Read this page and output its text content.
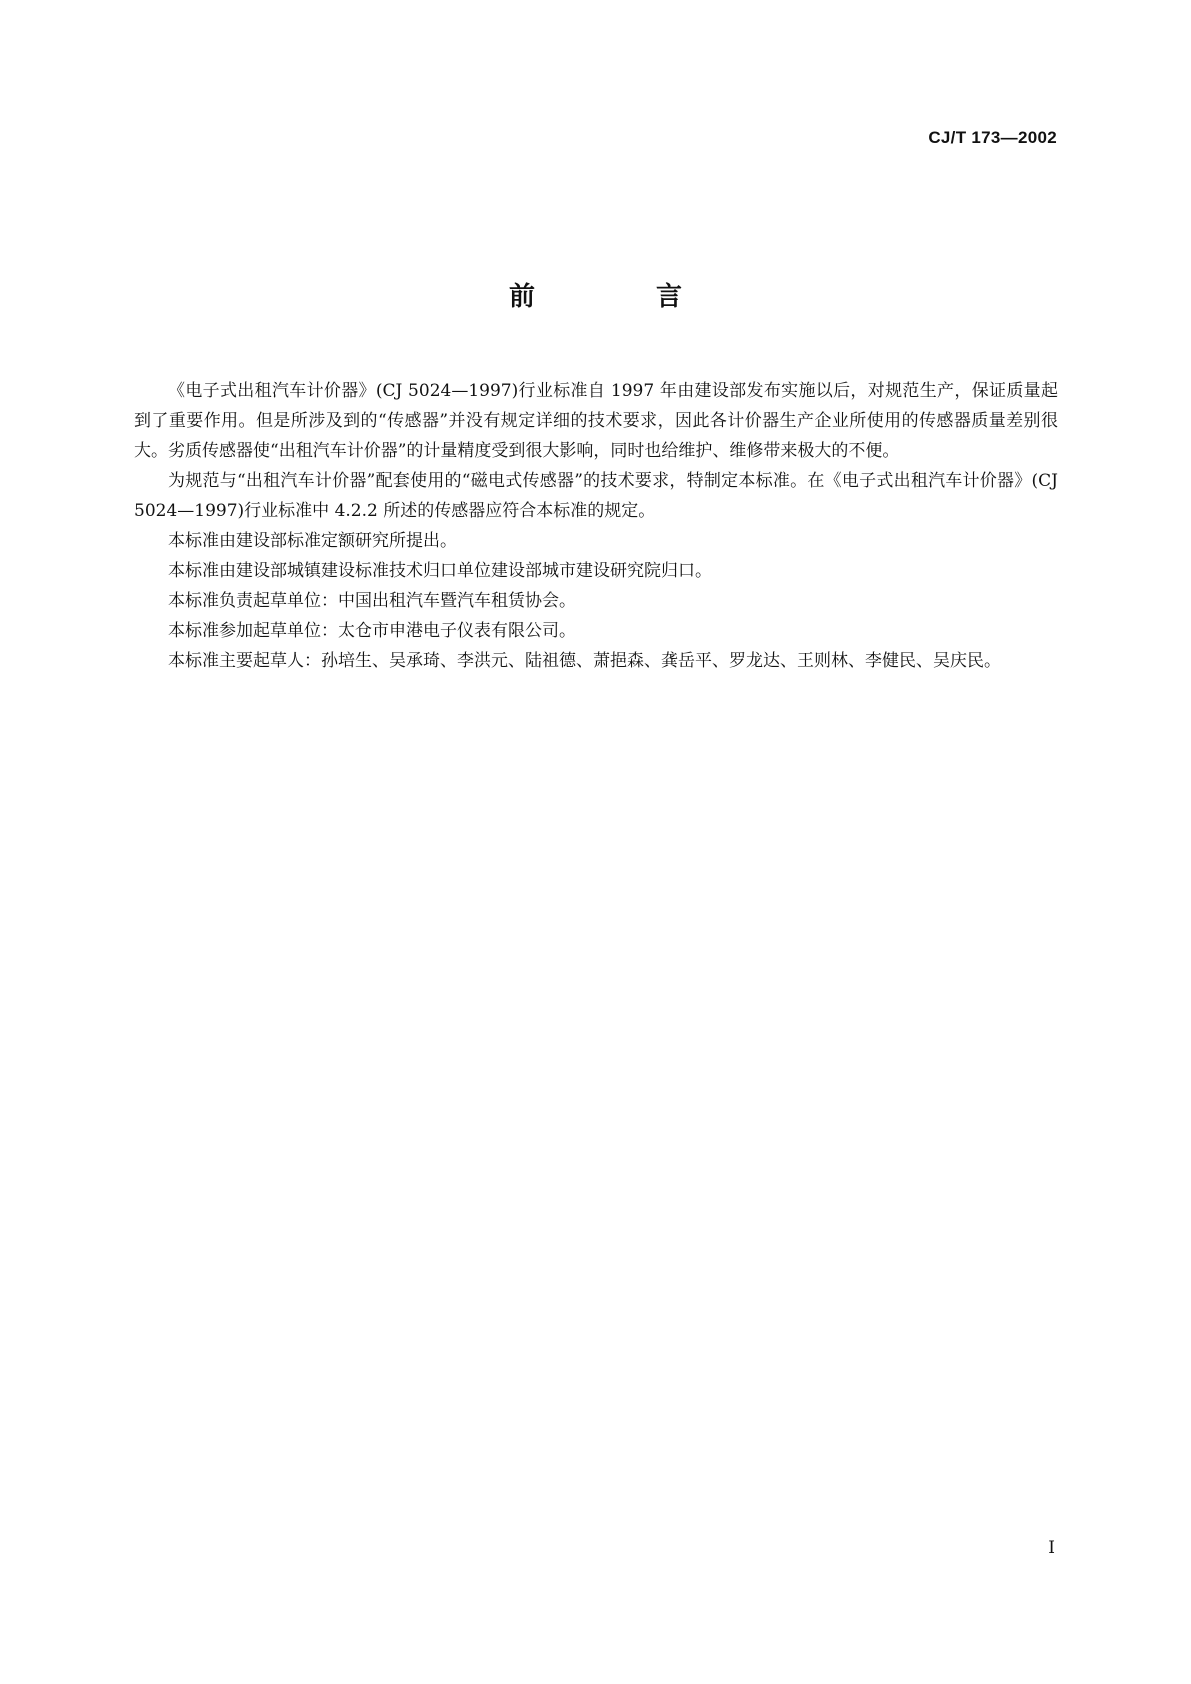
CJ/T 173—2002
前 言

《电子式出租汽车计价器》(CJ 5024—1997)行业标准自 1997 年由建设部发布实施以后，对规范生产，保证质量起到了重要作用。但是所涉及到的“传感器”并没有规定详细的技术要求，因此各计价器生产企业所使用的传感器质量差别很大。劣质传感器使“出租汽车计价器”的计量精度受到很大影响，同时也给维护、维修带来极大的不便。

为规范与“出租汽车计价器”配套使用的“磁电式传感器”的技术要求，特制定本标准。在《电子式出租汽车计价器》(CJ 5024—1997)行业标准中 4.2.2 所述的传感器应符合本标准的规定。

本标准由建设部标准定额研究所提出。

本标准由建设部城镇建设标准技术归口单位建设部城市建设研究院归口。

本标准负责起草单位：中国出租汽车暨汽车租赁协会。

本标准参加起草单位：太仓市申港电子仪表有限公司。

本标准主要起草人：孙培生、吴承琦、李洪元、陆祖德、萧挹森、龚岳平、罗龙达、王则林、李健民、吴庆民。

I
